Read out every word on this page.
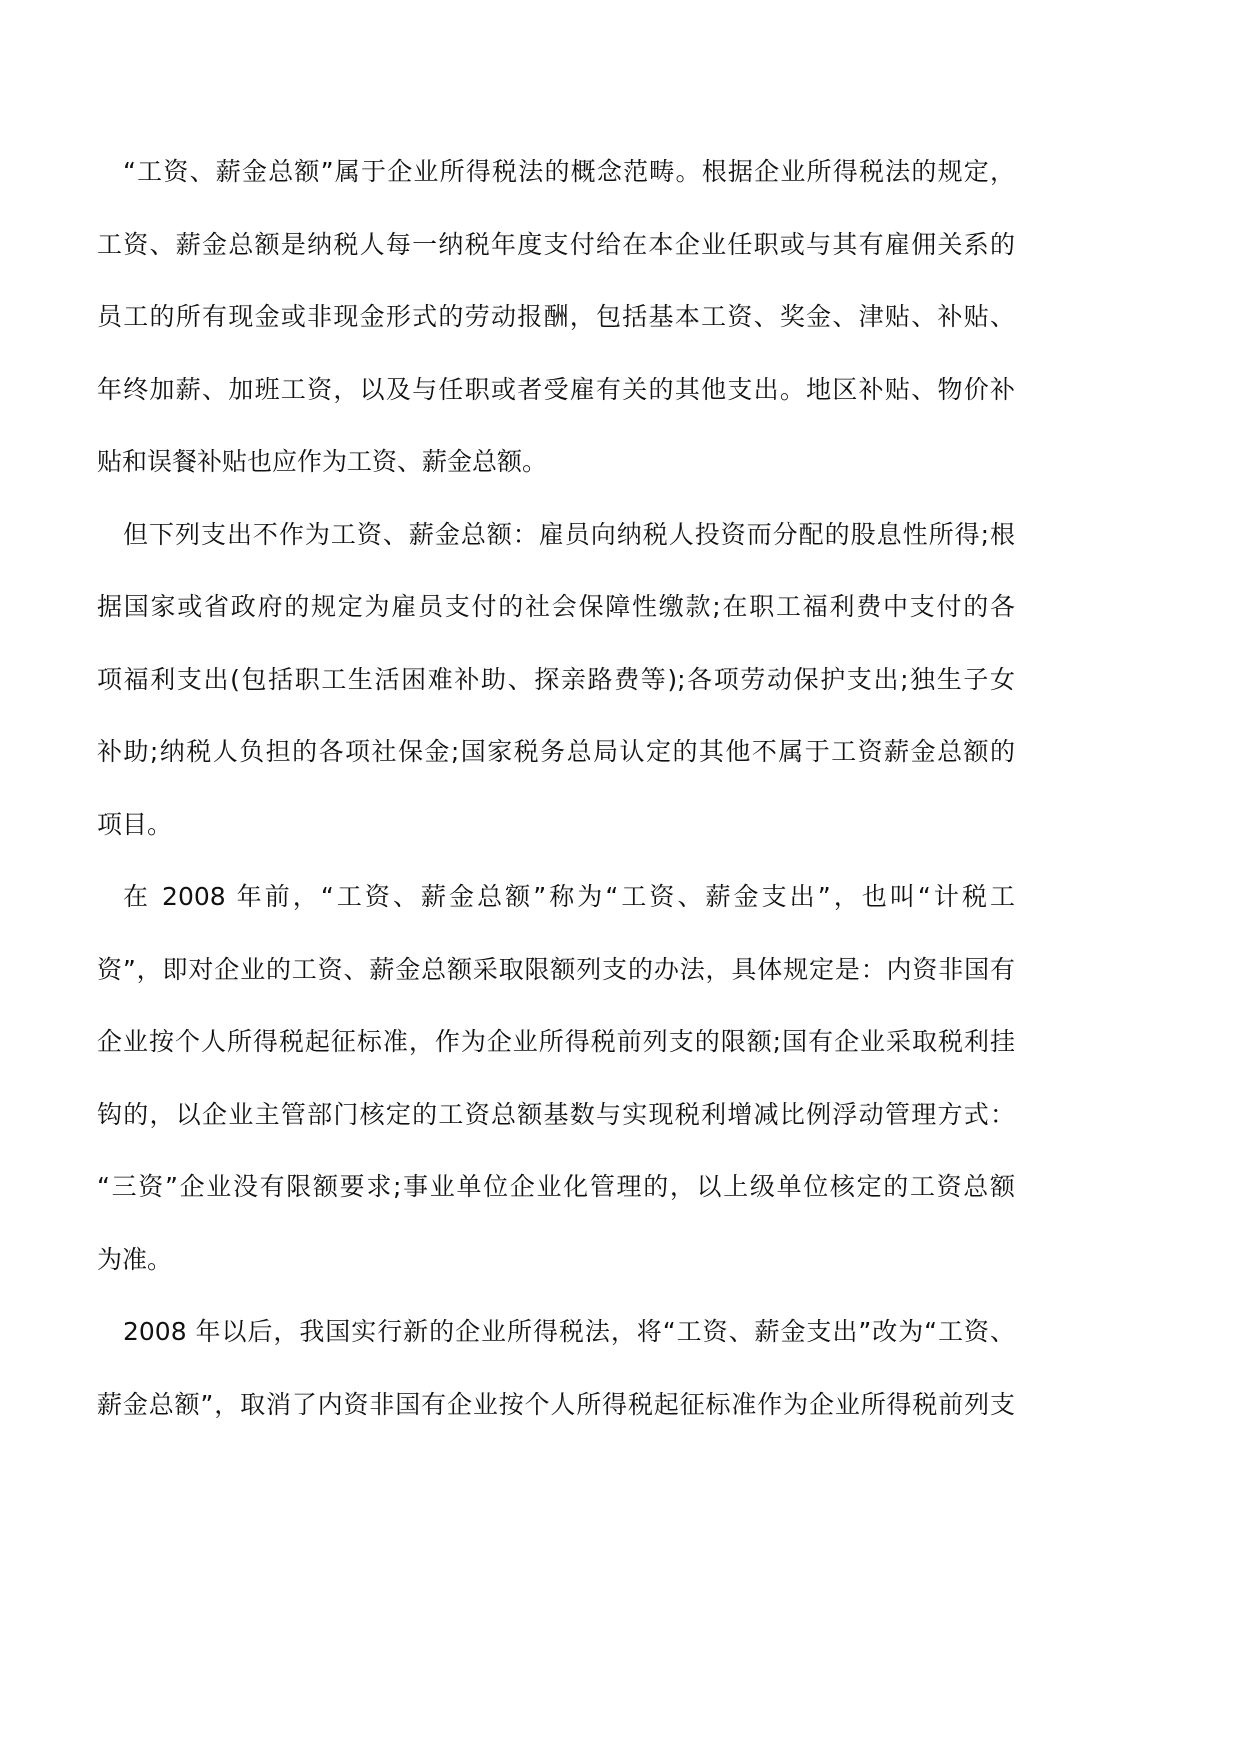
“工资、薪金总额”属于企业所得税法的概念范畴。根据企业所得税法的规定，
工资、薪金总额是纳税人每一纳税年度支付给在本企业任职或与其有雇佣关系的
员工的所有现金或非现金形式的劳动报酬，包括基本工资、奖金、津贴、补贴、
年终加薪、加班工资，以及与任职或者受雇有关的其他支出。地区补贴、物价补
贴和误餐补贴也应作为工资、薪金总额。
但下列支出不作为工资、薪金总额：雇员向纳税人投资而分配的股息性所得;根
据国家或省政府的规定为雇员支付的社会保障性缴款;在职工福利费中支付的各
项福利支出(包括职工生活困难补助、探亲路费等);各项劳动保护支出;独生子女
补助;纳税人负担的各项社保金;国家税务总局认定的其他不属于工资薪金总额的
项目。
在 2008 年前，“工资、薪金总额”称为“工资、薪金支出”，也叫“计税工
资”，即对企业的工资、薪金总额采取限额列支的办法，具体规定是：内资非国有
企业按个人所得税起征标准，作为企业所得税前列支的限额;国有企业采取税利挂
钩的，以企业主管部门核定的工资总额基数与实现税利增减比例浮动管理方式：
“三资”企业没有限额要求;事业单位企业化管理的，以上级单位核定的工资总额
为准。
2008 年以后，我国实行新的企业所得税法，将“工资、薪金支出”改为“工资、
薪金总额”，取消了内资非国有企业按个人所得税起征标准作为企业所得税前列支
